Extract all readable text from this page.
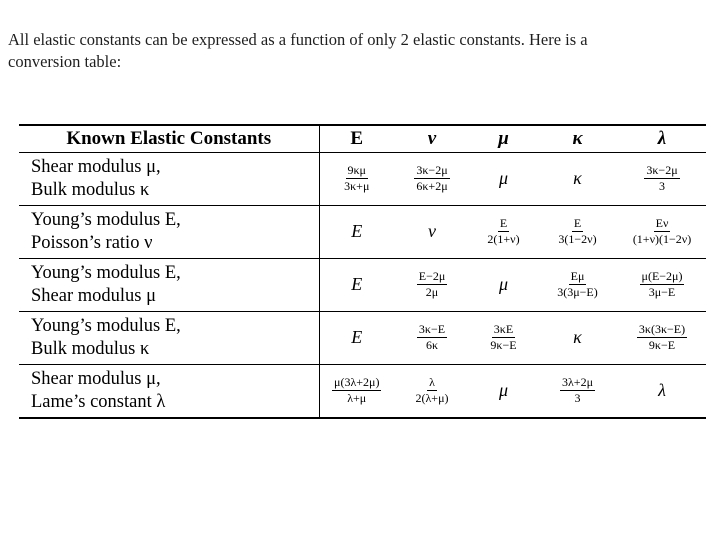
All elastic constants can be expressed as a function of only 2 elastic constants. Here is a
conversion table:
Known Elastic Constants	E	ν	μ	κ	λ

Shear modulus μ,
Bulk modulus κ	$\frac{9\kappa\mu}{3\kappa+\mu}$	$\frac{3\kappa-2\mu}{6\kappa+2\mu}$	μ	κ	$\frac{3\kappa-2\mu}{3}$

Young’s modulus E,
Poisson’s ratio ν	E	ν	$\frac{E}{2(1+\nu)}$	$\frac{E}{3(1-2\nu)}$	$\frac{E\nu}{(1+\nu)(1-2\nu)}$

Young’s modulus E,
Shear modulus μ	E	$\frac{E-2\mu}{2\mu}$	μ	$\frac{E\mu}{3(3\mu-E)}$	$\frac{\mu(E-2\mu)}{3\mu-E}$

Young’s modulus E,
Bulk modulus κ	E	$\frac{3\kappa-E}{6\kappa}$	$\frac{3\kappa E}{9\kappa-E}$	κ	$\frac{3\kappa(3\kappa-E)}{9\kappa-E}$

Shear modulus μ,
Lame’s constant λ	$\frac{\mu(3\lambda+2\mu)}{\lambda+\mu}$	$\frac{\lambda}{2(\lambda+\mu)}$	μ	$\frac{3\lambda+2\mu}{3}$	λ
